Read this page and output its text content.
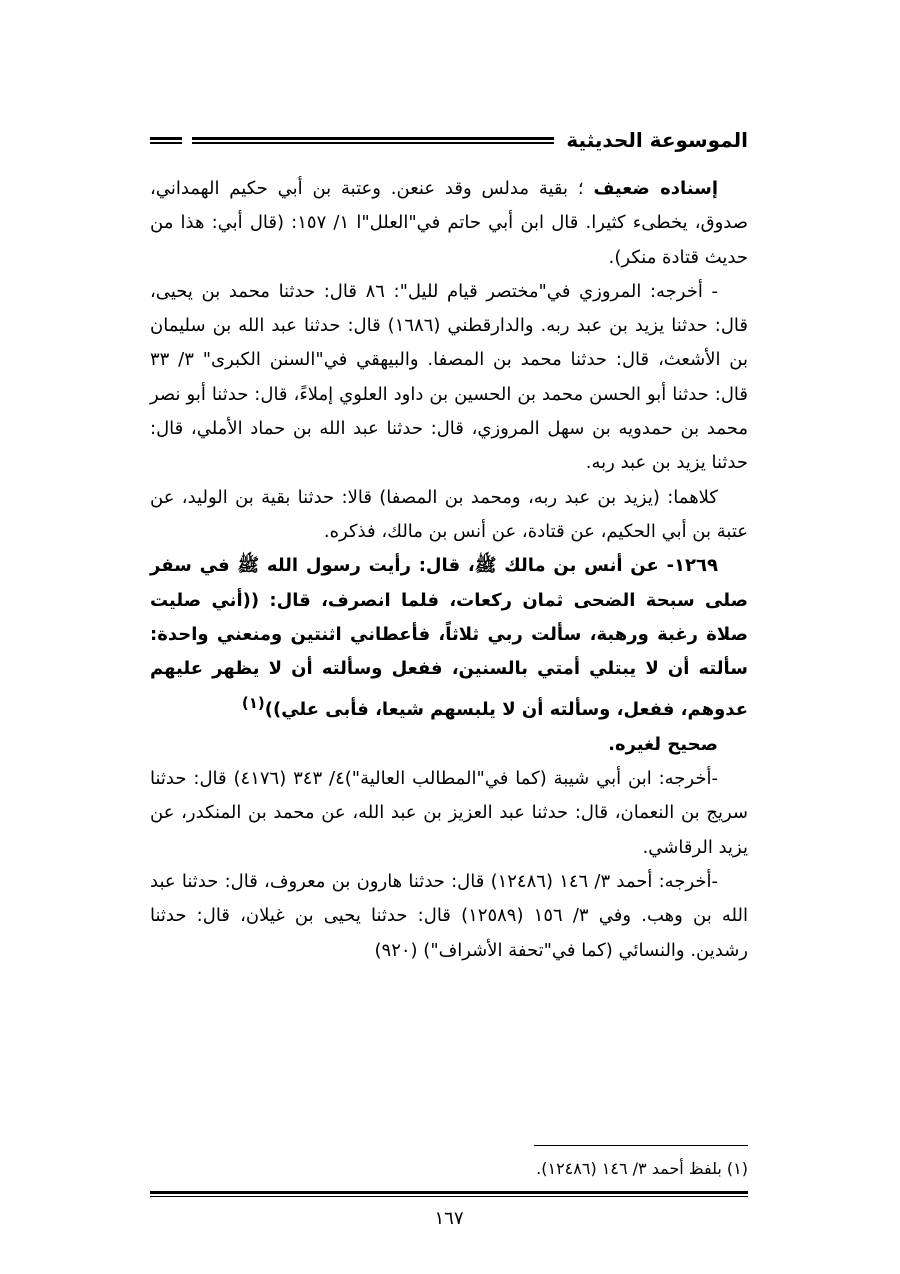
الموسوعة الحديثية

إسناده ضعيف ؛ بقية مدلس وقد عنعن. وعتبة بن أبي حكيم الهمداني، صدوق، يخطىء كثيرا. قال ابن أبي حاتم في"العلل"ا ١/ ١٥٧: (قال أبي: هذا من حديث قتادة منكر).

- أخرجه: المروزي في"مختصر قيام لليل": ٨٦ قال: حدثنا محمد بن يحيى، قال: حدثنا يزيد بن عبد ربه. والدارقطني (١٦٨٦) قال: حدثنا عبد الله بن سليمان بن الأشعث، قال: حدثنا محمد بن المصفا. والبيهقي في"السنن الكبرى" ٣/ ٣٣ قال: حدثنا أبو الحسن محمد بن الحسين بن داود العلوي إملاءً، قال: حدثنا أبو نصر محمد بن حمدويه بن سهل المروزي، قال: حدثنا عبد الله بن حماد الأملي، قال: حدثنا يزيد بن عبد ربه.

كلاهما: (يزيد بن عبد ربه، ومحمد بن المصفا) قالا: حدثنا بقية بن الوليد، عن عتبة بن أبي الحكيم، عن قتادة، عن أنس بن مالك، فذكره.

١٢٦٩- عن أنس بن مالك ﷺ، قال: رأيت رسول الله ﷺ في سفر صلى سبحة الضحى ثمان ركعات، فلما انصرف، قال: ((أني صليت صلاة رغبة ورهبة، سألت ربي ثلاثاً، فأعطاني اثنتين ومنعني واحدة: سألته أن لا يبتلي أمتي بالسنين، ففعل وسألته أن لا يظهر عليهم عدوهم، ففعل، وسألته أن لا يلبسهم شيعا، فأبى علي))$^{(١)}$

صحيح لغيره.

-أخرجه: ابن أبي شيبة (كما في"المطالب العالية")٤/ ٣٤٣ (٤١٧٦) قال: حدثنا سريج بن النعمان، قال: حدثنا عبد العزيز بن عبد الله، عن محمد بن المنكدر، عن يزيد الرقاشي.

-أخرجه: أحمد ٣/ ١٤٦ (١٢٤٨٦) قال: حدثنا هارون بن معروف، قال: حدثنا عبد الله بن وهب. وفي ٣/ ١٥٦ (١٢٥٨٩) قال: حدثنا يحيى بن غيلان، قال: حدثنا رشدين. والنسائي (كما في"تحفة الأشراف") (٩٢٠)

(١) بلفظ أحمد ٣/ ١٤٦ (١٢٤٨٦).
١٦٧
